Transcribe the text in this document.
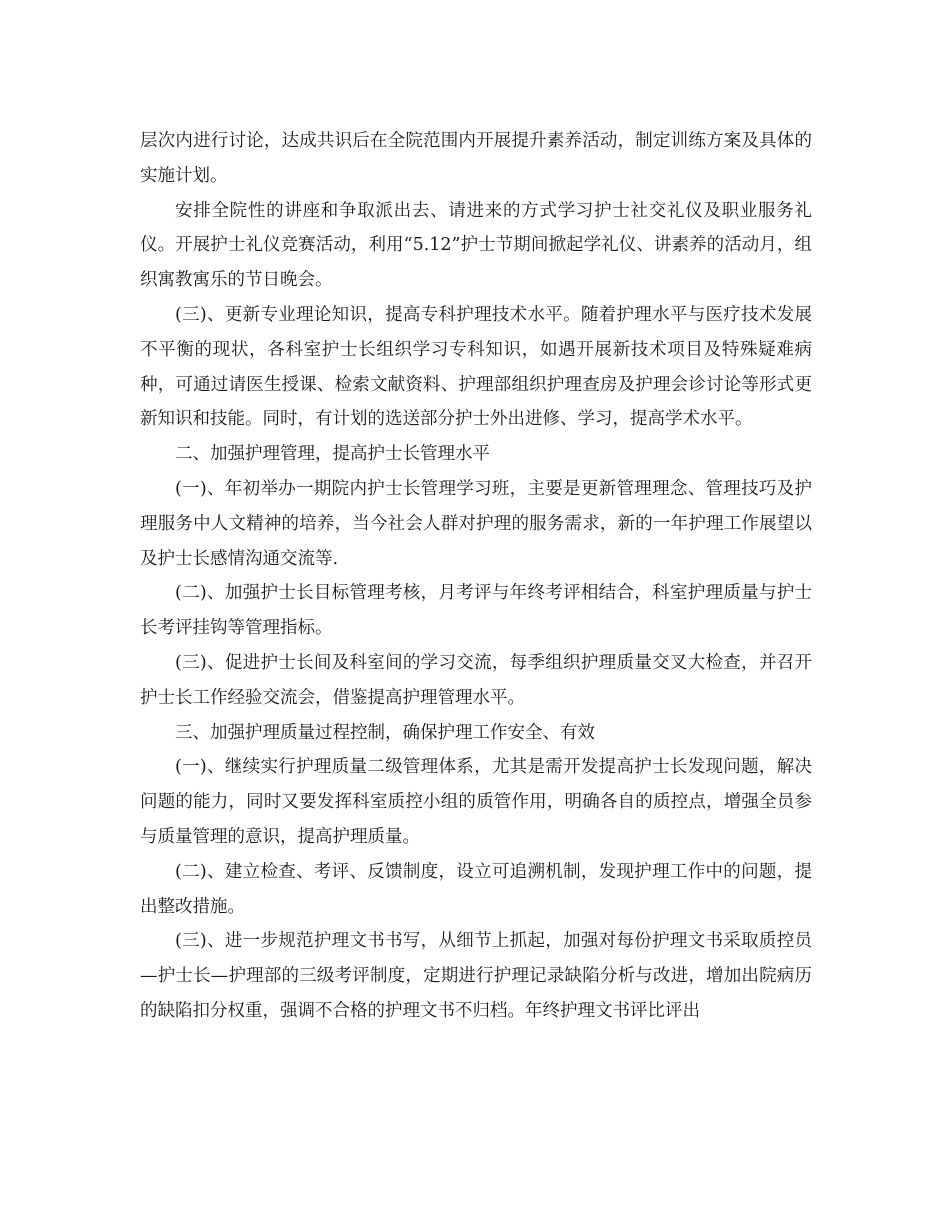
层次内进行讨论，达成共识后在全院范围内开展提升素养活动，制定训练方案及具体的实施计划。

安排全院性的讲座和争取派出去、请进来的方式学习护士社交礼仪及职业服务礼仪。开展护士礼仪竞赛活动，利用“5.12”护士节期间掀起学礼仪、讲素养的活动月，组织寓教寓乐的节日晚会。

(三)、更新专业理论知识，提高专科护理技术水平。随着护理水平与医疗技术发展不平衡的现状，各科室护士长组织学习专科知识，如遇开展新技术项目及特殊疑难病种，可通过请医生授课、检索文献资料、护理部组织护理查房及护理会诊讨论等形式更新知识和技能。同时，有计划的选送部分护士外出进修、学习，提高学术水平。

二、加强护理管理，提高护士长管理水平

(一)、年初举办一期院内护士长管理学习班，主要是更新管理理念、管理技巧及护理服务中人文精神的培养，当今社会人群对护理的服务需求，新的一年护理工作展望以及护士长感情沟通交流等.

(二)、加强护士长目标管理考核，月考评与年终考评相结合，科室护理质量与护士长考评挂钩等管理指标。

(三)、促进护士长间及科室间的学习交流，每季组织护理质量交叉大检查，并召开护士长工作经验交流会，借鉴提高护理管理水平。

三、加强护理质量过程控制，确保护理工作安全、有效

(一)、继续实行护理质量二级管理体系，尤其是需开发提高护士长发现问题，解决问题的能力，同时又要发挥科室质控小组的质管作用，明确各自的质控点，增强全员参与质量管理的意识，提高护理质量。

(二)、建立检查、考评、反馈制度，设立可追溯机制，发现护理工作中的问题，提出整改措施。

(三)、进一步规范护理文书书写，从细节上抓起，加强对每份护理文书采取质控员—护士长—护理部的三级考评制度，定期进行护理记录缺陷分析与改进，增加出院病历的缺陷扣分权重，强调不合格的护理文书不归档。年终护理文书评比评出
